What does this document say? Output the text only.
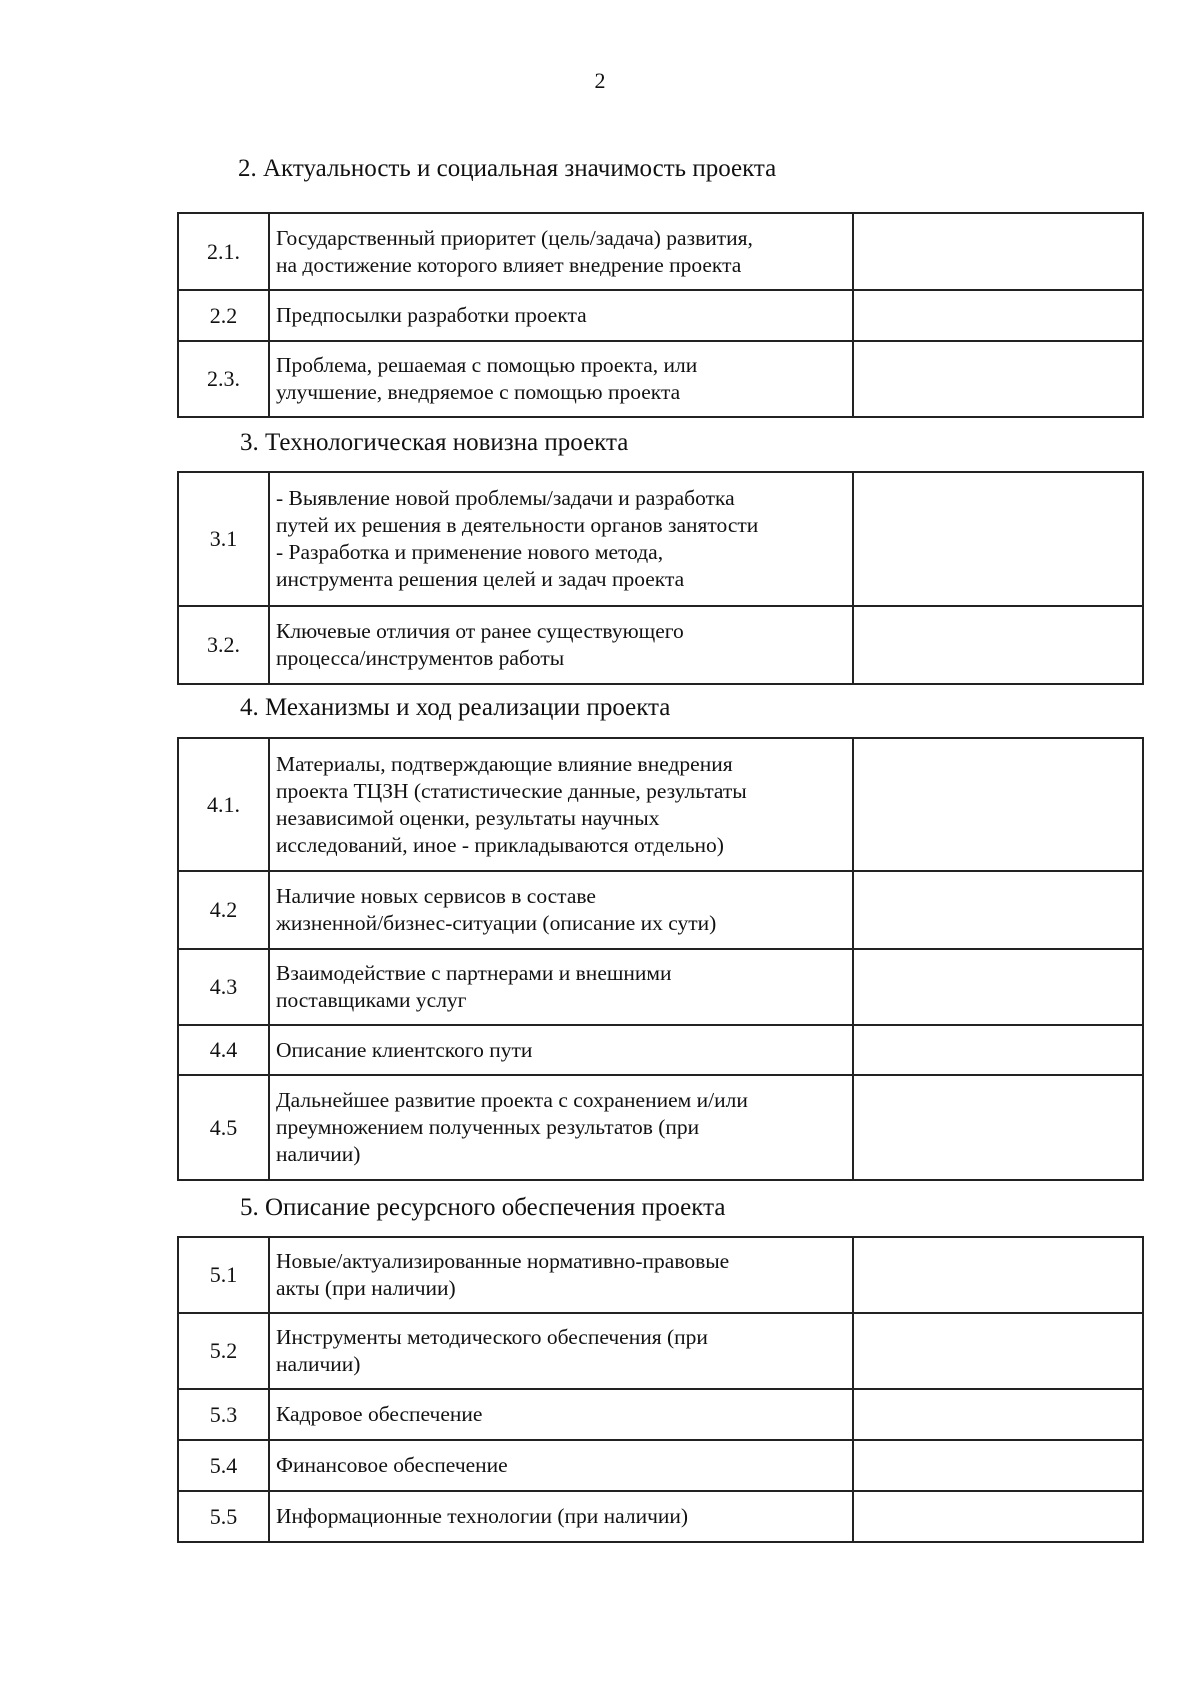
2
2. Актуальность и социальная значимость проекта
2.1.	Государственный приоритет (цель/задача) развития,
на достижение которого влияет внедрение проекта	

2.2	Предпосылки разработки проекта	

2.3.	Проблема, решаемая с помощью проекта, или
улучшение, внедряемое с помощью проекта	

3. Технологическая новизна проекта
3.1	- Выявление новой проблемы/задачи и разработка
путей их решения в деятельности органов занятости
- Разработка и применение нового метода,
инструмента решения целей и задач проекта	

3.2.	Ключевые отличия от ранее существующего
процесса/инструментов работы	

4. Механизмы и ход реализации проекта
4.1.	Материалы, подтверждающие влияние внедрения
проекта ТЦЗН (статистические данные, результаты
независимой оценки, результаты научных
исследований, иное - прикладываются отдельно)	

4.2	Наличие новых сервисов в составе
жизненной/бизнес-ситуации (описание их сути)	

4.3	Взаимодействие с партнерами и внешними
поставщиками услуг	

4.4	Описание клиентского пути	

4.5	Дальнейшее развитие проекта с сохранением и/или
преумножением полученных результатов (при
наличии)	

5. Описание ресурсного обеспечения проекта
5.1	Новые/актуализированные нормативно-правовые
акты (при наличии)	

5.2	Инструменты методического обеспечения (при
наличии)	

5.3	Кадровое обеспечение	

5.4	Финансовое обеспечение	

5.5	Информационные технологии (при наличии)	
